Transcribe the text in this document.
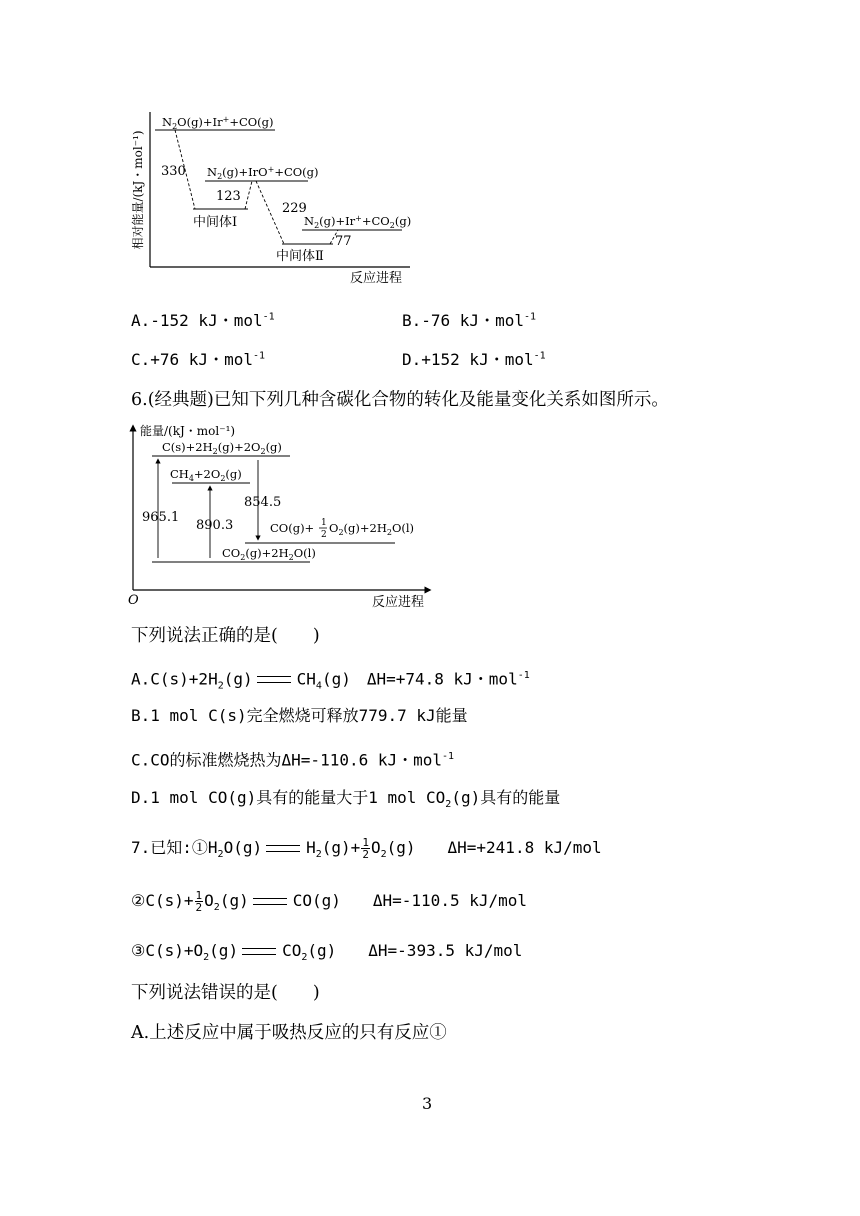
相对能量/(kJ・mol⁻¹)
反应进程
$N_2O(g)+Ir^++CO(g)$
$N_2(g)+IrO^++CO(g)$
$N_2(g)+Ir^++CO_2(g)$
中间体Ⅰ
中间体Ⅱ
330
123
229
77
A.-152 kJ・mol$^{-1}$	B.-76 kJ・mol$^{-1}$
C.+76 kJ・mol$^{-1}$	D.+152 kJ・mol$^{-1}$
6.(经典题)已知下列几种含碳化合物的转化及能量变化关系如图所示。
能量/(kJ・mol⁻¹)
反应进程
O
$C(s)+2H_2(g)+2O_2(g)$
$CH_4+2O_2(g)$
CO(g)+ 1
2 $O_2(g)+2H_2O(l)$
$CO_2(g)+2H_2O(l)$
965.1
890.3
854.5
下列说法正确的是(　　)
$A.C(s)+2H_2(g)$	$CH_4(g)$　ΔH=+74.8 kJ・mol$^{-1}$
B.1 mol C(s)完全燃烧可释放779.7 kJ能量
C.CO的标准燃烧热为ΔH=-110.6 kJ・mol$^{-1}$
D.1 mol CO(g)具有的能量大于1 mol $CO_2(g)$具有的能量
7.已知$:①H_2O(g)$	$H_2(g)+ \frac{1}{2} O_2(g)$　　ΔH=+241.8 kJ/mol
②C(s)+ $\frac{1}{2} O_2(g)$	CO(g)　　ΔH=-110.5 kJ/mol
$③C(s)+O_2(g)$	$CO_2(g)$　　ΔH=-393.5 kJ/mol
下列说法错误的是(　　)
A.上述反应中属于吸热反应的只有反应①
3
